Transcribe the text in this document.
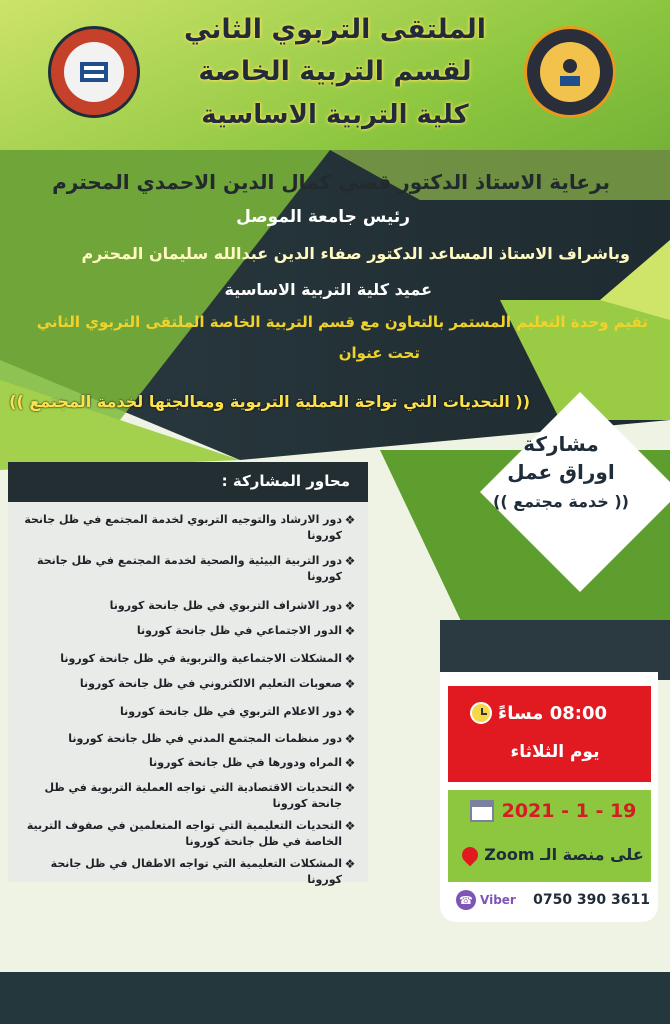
الملتقى التربوي الثاني
لقسم التربية الخاصة
كلية التربية الاساسية
برعاية الاستاذ الدكتور قصي كمال الدين الاحمدي المحترم
رئيس جامعة الموصل
وباشراف الاستاذ المساعد الدكتور صفاء الدين عبدالله سليمان المحترم
عميد كلية التربية الاساسية
تقيم وحدة التعليم المستمر بالتعاون مع قسم التربية الخاصة الملتقى التربوي الثاني
تحت عنوان
(( التحديات التي تواجة العملية التربوية ومعالجتها لخدمة المجتمع ))
مشاركة
اوراق عمل
(( خدمة مجتمع ))
محاور المشاركة :
❖
دور الارشاد والتوجيه التربوي لخدمة المجتمع في ظل جانحة كورونا
❖
دور التربية البيئية والصحية لخدمة المجتمع في ظل جانحة كورونا
❖
دور الاشراف التربوي في ظل جانحة كورونا
❖
الدور الاجتماعي في ظل جانحة كورونا
❖
المشكلات الاجتماعية والتربوية في ظل جانحة كورونا
❖
صعوبات التعليم الالكتروني في ظل جانحة كورونا
❖
دور الاعلام التربوي في ظل جانحة كورونا
❖
دور منظمات المجتمع المدني في ظل جانحة كورونا
❖
المراه ودورها في ظل جانحة كورونا
❖
التحديات الاقتصادية التي تواجه العملية التربوية في ظل جانحة كورونا
❖
التحديات التعليمية التي تواجه المتعلمين في صفوف التربية الخاصة في ظل جانحة كورونا
❖
المشكلات التعليمية التي تواجه الاطفال في ظل جانحة كورونا
08:00 مساءً
يوم الثلاثاء
2021 - 1 - 19
على منصة الـ Zoom
☎ Viber 0750 390 3611
